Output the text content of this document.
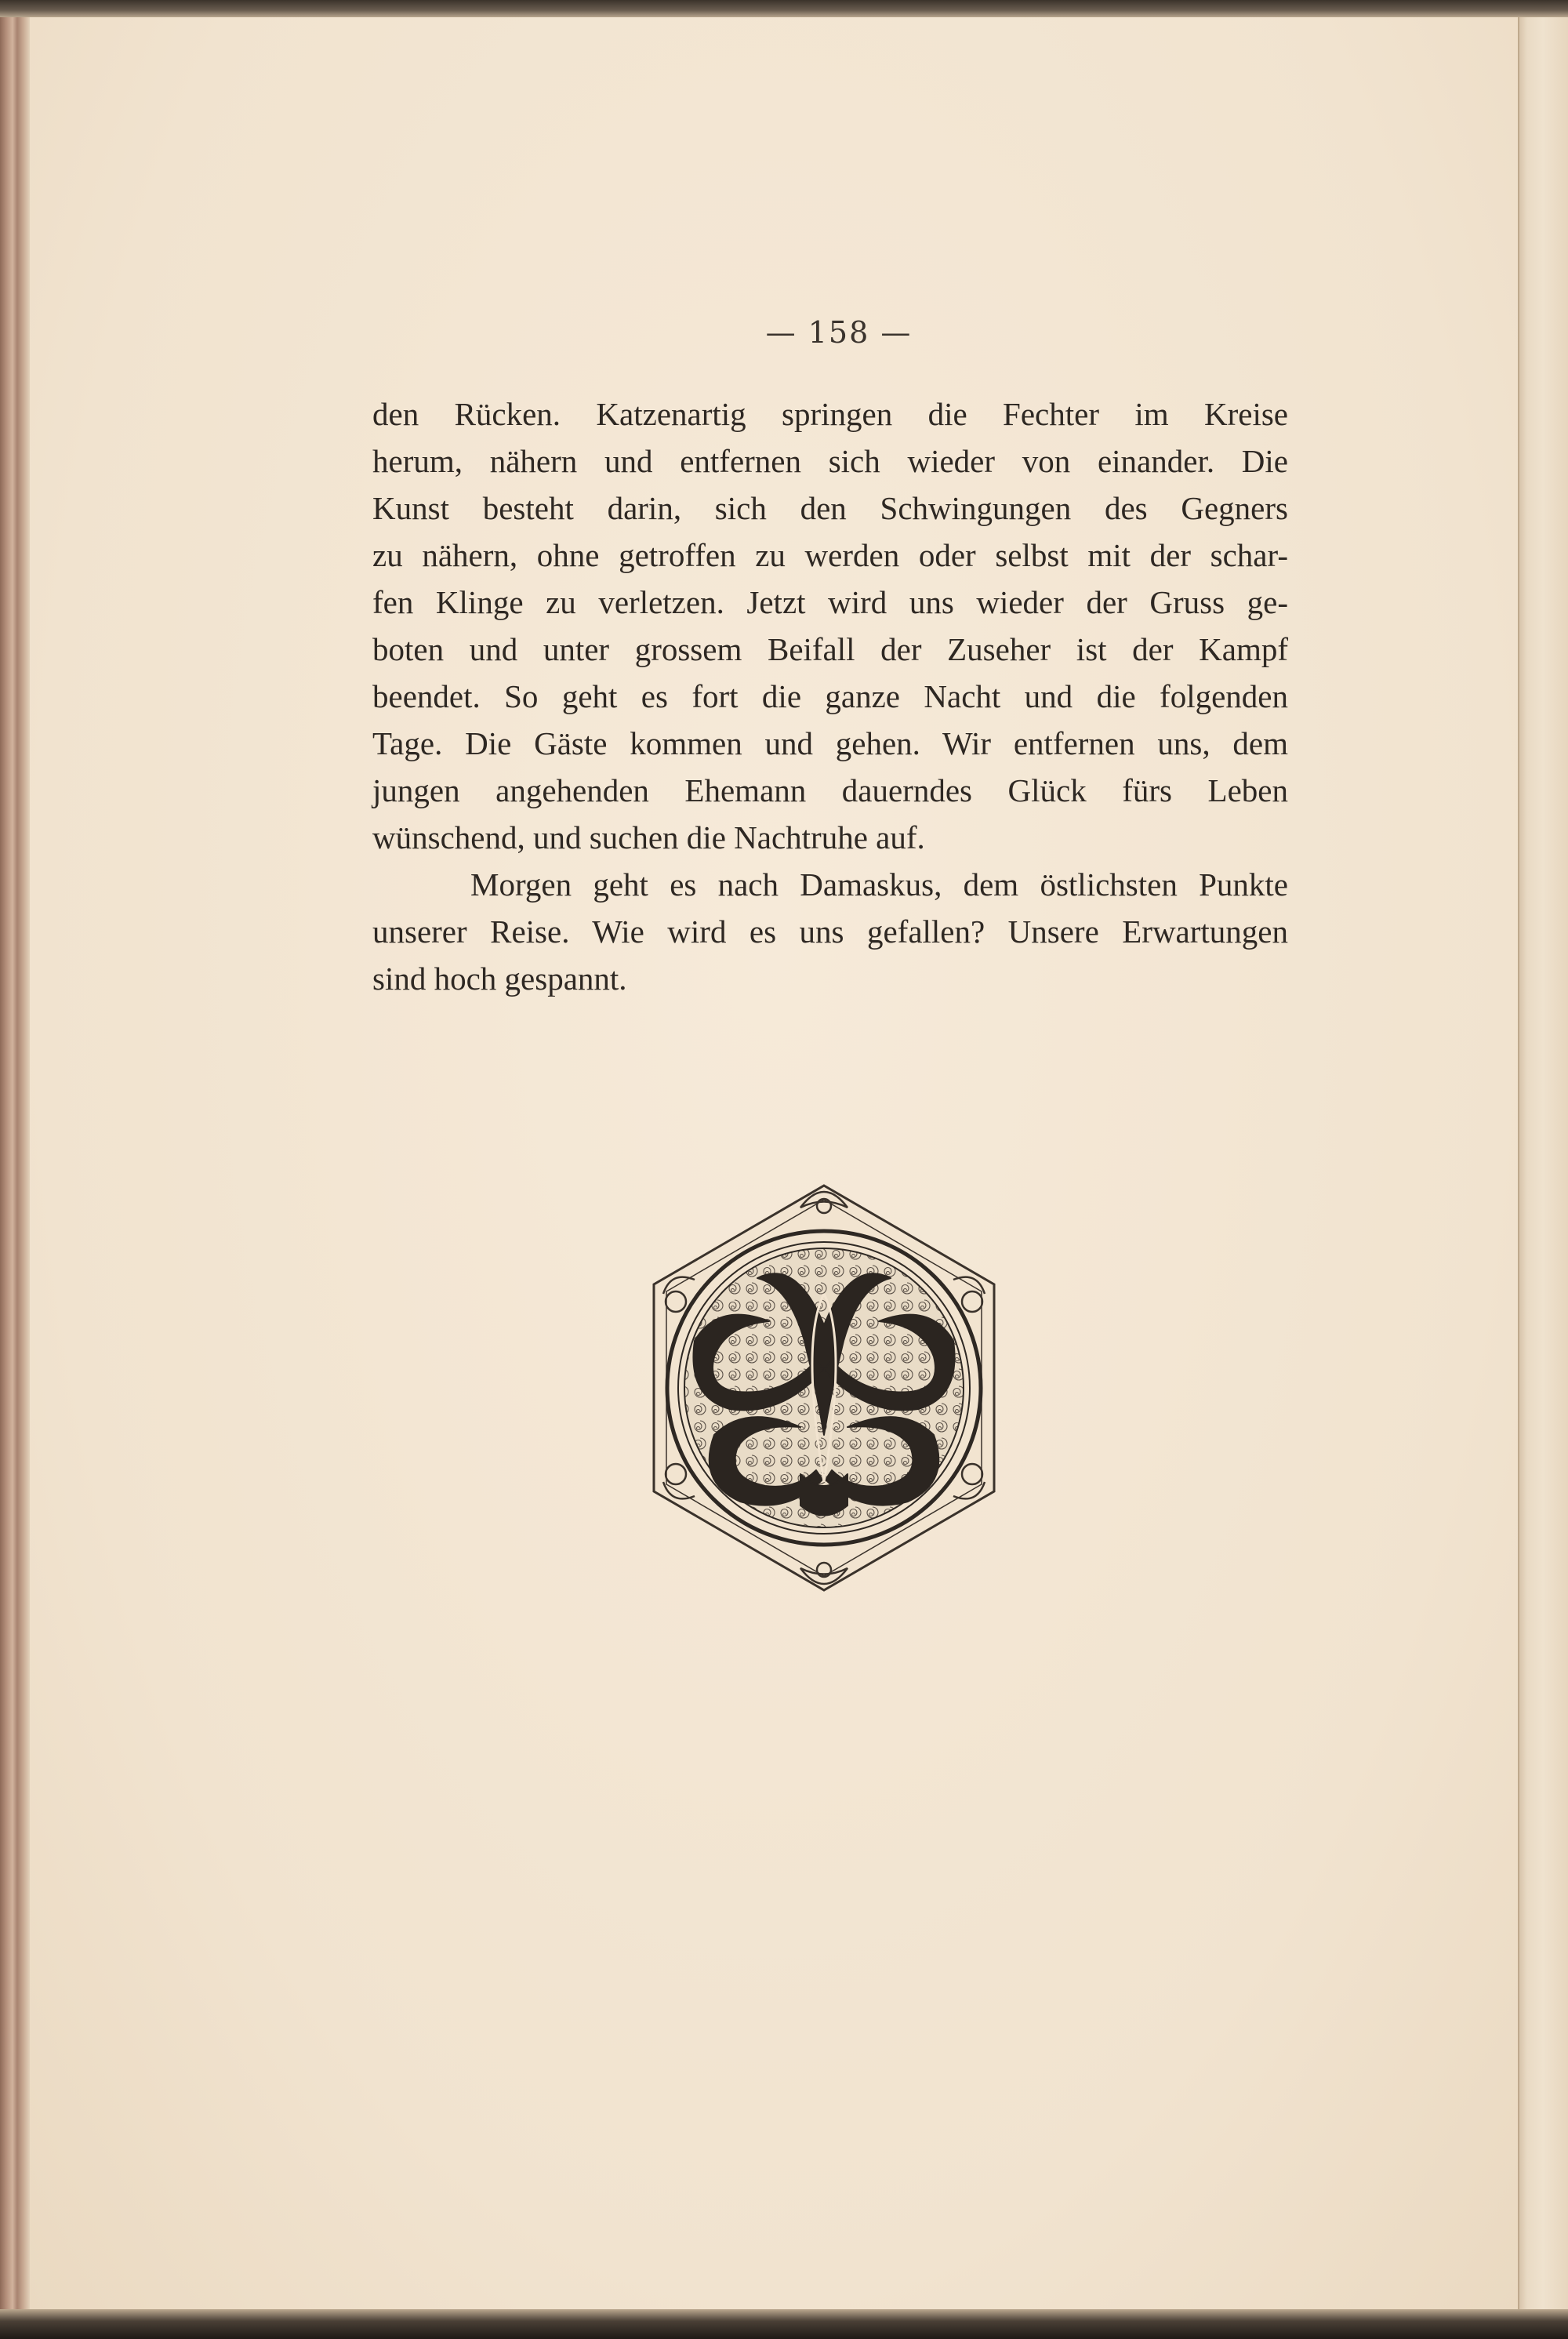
— 158 —
den Rücken. Katzenartig springen die Fechter im Kreise
herum, nähern und entfernen sich wieder von einander. Die
Kunst besteht darin, sich den Schwingungen des Gegners
zu nähern, ohne getroffen zu werden oder selbst mit der schar-
fen Klinge zu verletzen. Jetzt wird uns wieder der Gruss ge-
boten und unter grossem Beifall der Zuseher ist der Kampf
beendet. So geht es fort die ganze Nacht und die folgenden
Tage. Die Gäste kommen und gehen. Wir entfernen uns, dem
jungen angehenden Ehemann dauerndes Glück fürs Leben
wünschend, und suchen die Nachtruhe auf.
Morgen geht es nach Damaskus, dem östlichsten Punkte
unserer Reise. Wie wird es uns gefallen? Unsere Erwartungen
sind hoch gespannt.
